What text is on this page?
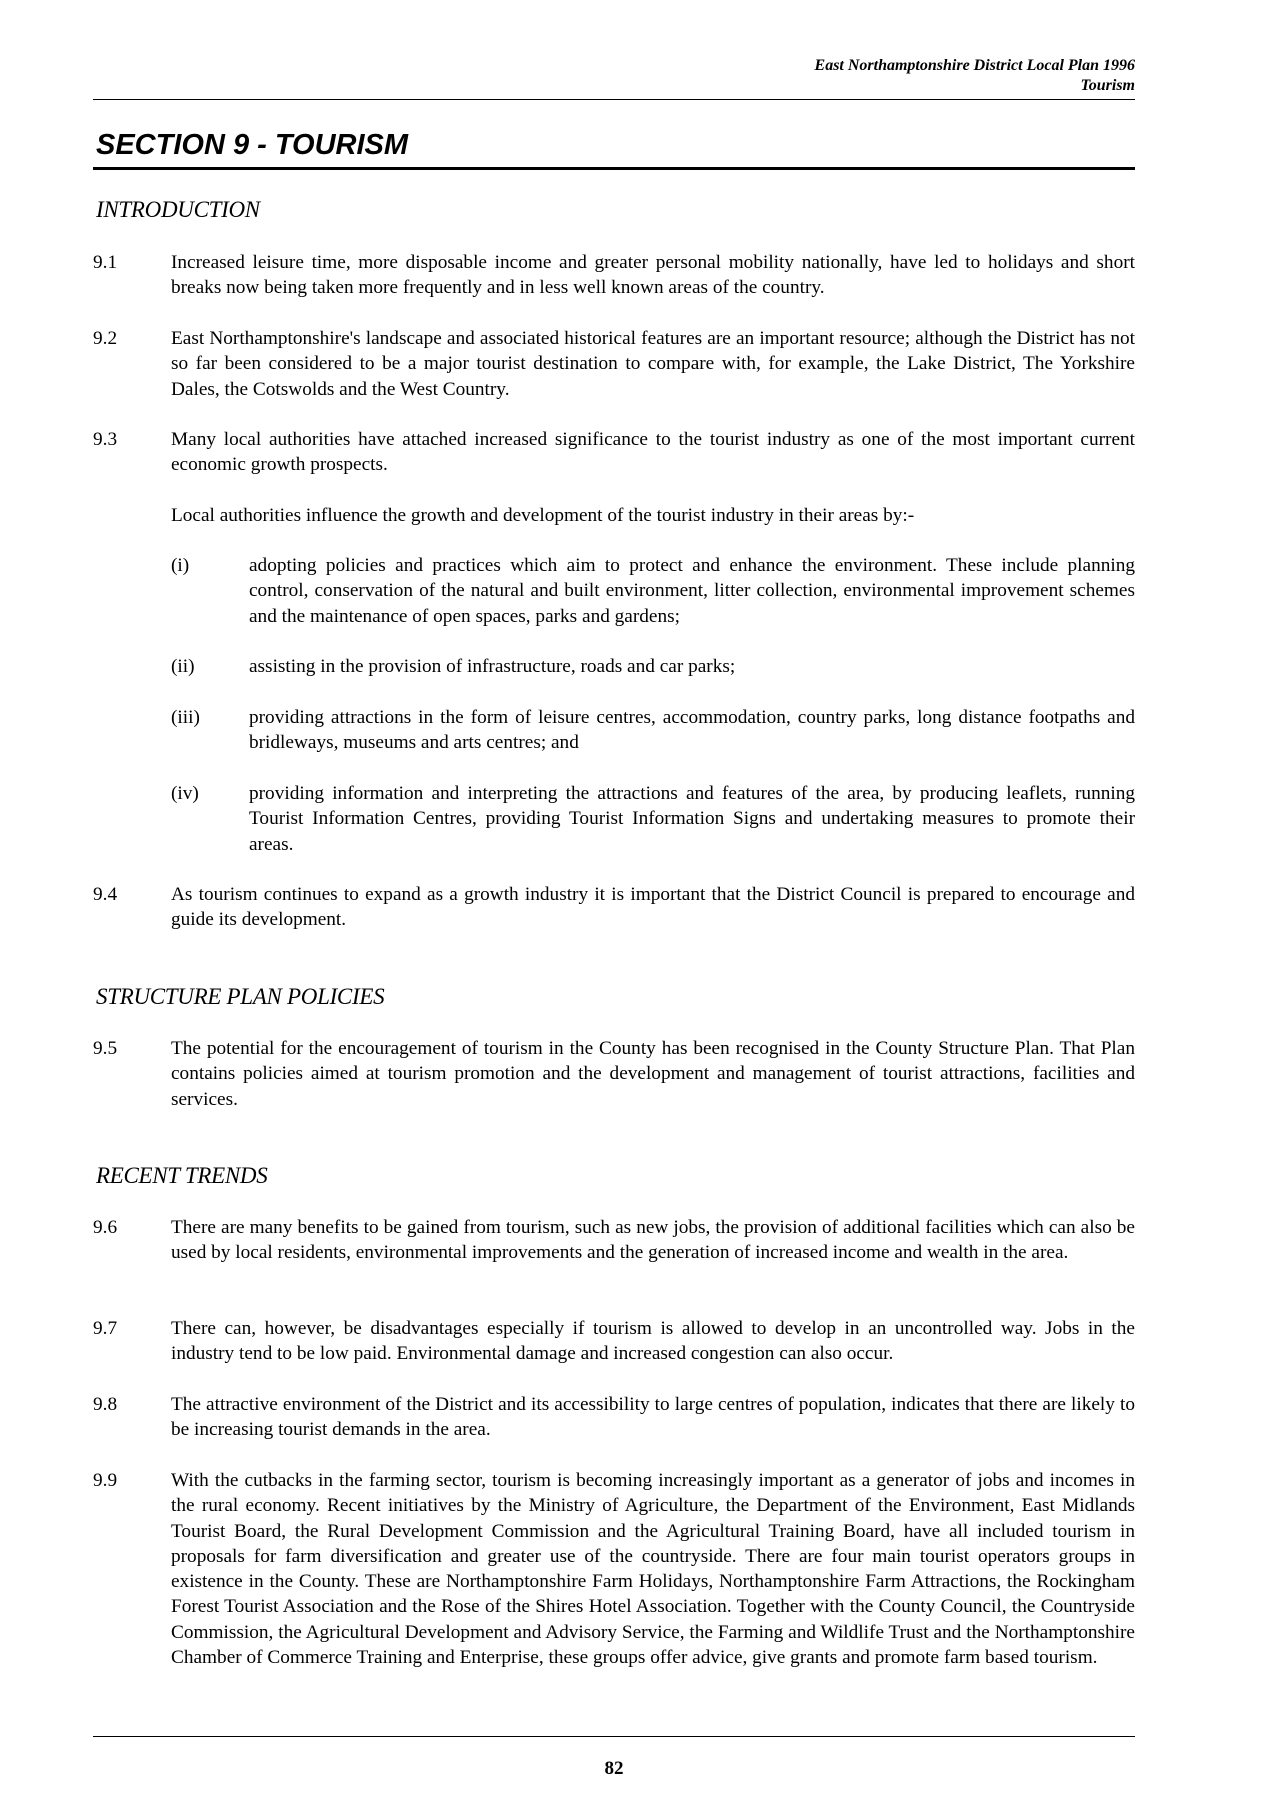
East Northamptonshire District Local Plan 1996
Tourism
SECTION 9 - TOURISM
INTRODUCTION
9.1	Increased leisure time, more disposable income and greater personal mobility nationally, have led to holidays and short breaks now being taken more frequently and in less well known areas of the country.
9.2	East Northamptonshire's landscape and associated historical features are an important resource; although the District has not so far been considered to be a major tourist destination to compare with, for example, the Lake District, The Yorkshire Dales, the Cotswolds and the West Country.
9.3	Many local authorities have attached increased significance to the tourist industry as one of the most important current economic growth prospects.
Local authorities influence the growth and development of the tourist industry in their areas by:-
(i)	adopting policies and practices which aim to protect and enhance the environment. These include planning control, conservation of the natural and built environment, litter collection, environmental improvement schemes and the maintenance of open spaces, parks and gardens;
(ii)	assisting in the provision of infrastructure, roads and car parks;
(iii)	providing attractions in the form of leisure centres, accommodation, country parks, long distance footpaths and bridleways, museums and arts centres; and
(iv)	providing information and interpreting the attractions and features of the area, by producing leaflets, running Tourist Information Centres, providing Tourist Information Signs and undertaking measures to promote their areas.
9.4	As tourism continues to expand as a growth industry it is important that the District Council is prepared to encourage and guide its development.
STRUCTURE PLAN POLICIES
9.5	The potential for the encouragement of tourism in the County has been recognised in the County Structure Plan. That Plan contains policies aimed at tourism promotion and the development and management of tourist attractions, facilities and services.
RECENT TRENDS
9.6	There are many benefits to be gained from tourism, such as new jobs, the provision of additional facilities which can also be used by local residents, environmental improvements and the generation of increased income and wealth in the area.
9.7	There can, however, be disadvantages especially if tourism is allowed to develop in an uncontrolled way. Jobs in the industry tend to be low paid. Environmental damage and increased congestion can also occur.
9.8	The attractive environment of the District and its accessibility to large centres of population, indicates that there are likely to be increasing tourist demands in the area.
9.9	With the cutbacks in the farming sector, tourism is becoming increasingly important as a generator of jobs and incomes in the rural economy. Recent initiatives by the Ministry of Agriculture, the Department of the Environment, East Midlands Tourist Board, the Rural Development Commission and the Agricultural Training Board, have all included tourism in proposals for farm diversification and greater use of the countryside. There are four main tourist operators groups in existence in the County. These are Northamptonshire Farm Holidays, Northamptonshire Farm Attractions, the Rockingham Forest Tourist Association and the Rose of the Shires Hotel Association. Together with the County Council, the Countryside Commission, the Agricultural Development and Advisory Service, the Farming and Wildlife Trust and the Northamptonshire Chamber of Commerce Training and Enterprise, these groups offer advice, give grants and promote farm based tourism.
82
